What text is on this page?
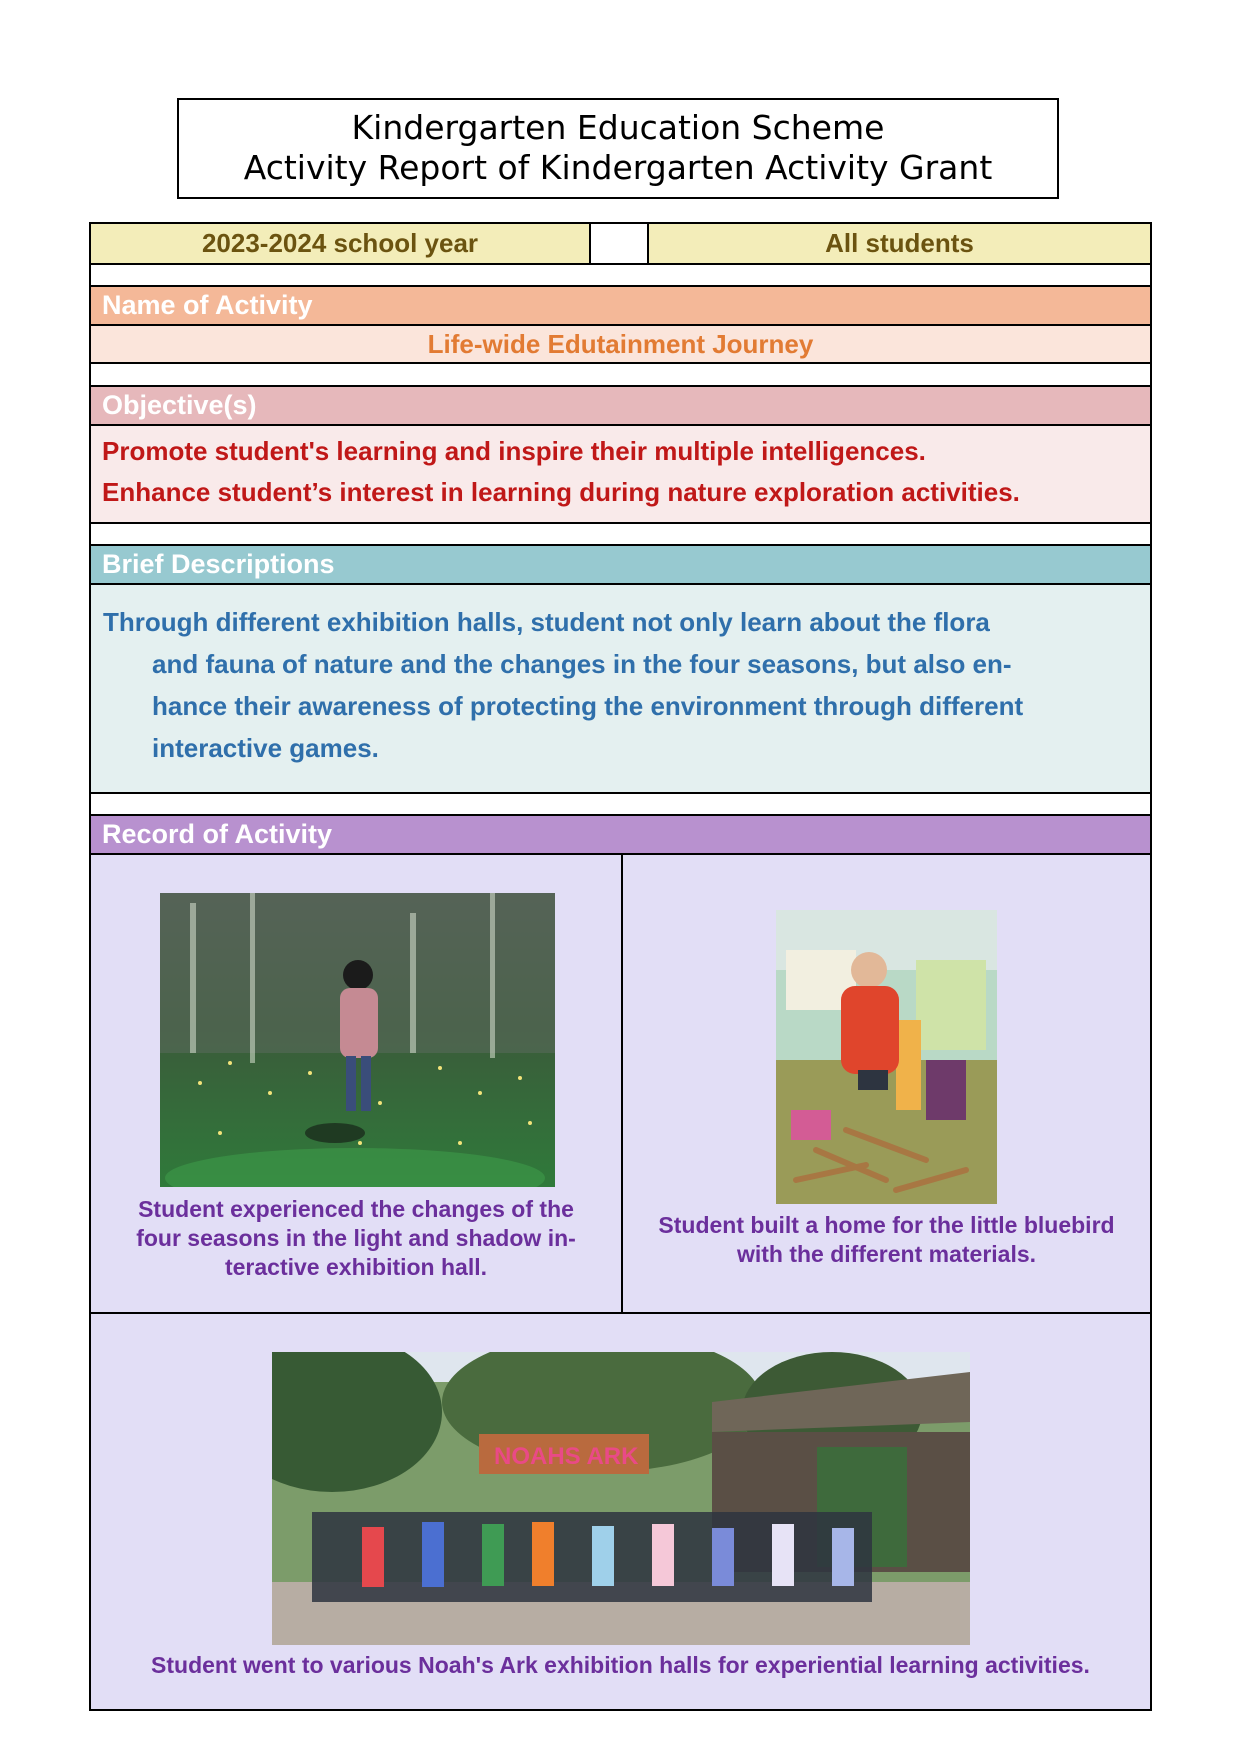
Kindergarten Education Scheme
Activity Report of Kindergarten Activity Grant
2023-2024 school year	All students
Name of Activity
Life-wide Edutainment Journey
Objective(s)
Promote student's learning and inspire their multiple intelligences.
Enhance student’s interest in learning during nature exploration activities.
Brief Descriptions
Through different exhibition halls, student not only learn about the flora
and fauna of nature and the changes in the four seasons, but also en-
hance their awareness of protecting the environment through different
interactive games.
Record of Activity
Student experienced the changes of the
four seasons in the light and shadow in-
teractive exhibition hall.
Student built a home for the little bluebird
with the different materials.
NOAHS ARK
Student went to various Noah's Ark exhibition halls for experiential learning activities.
